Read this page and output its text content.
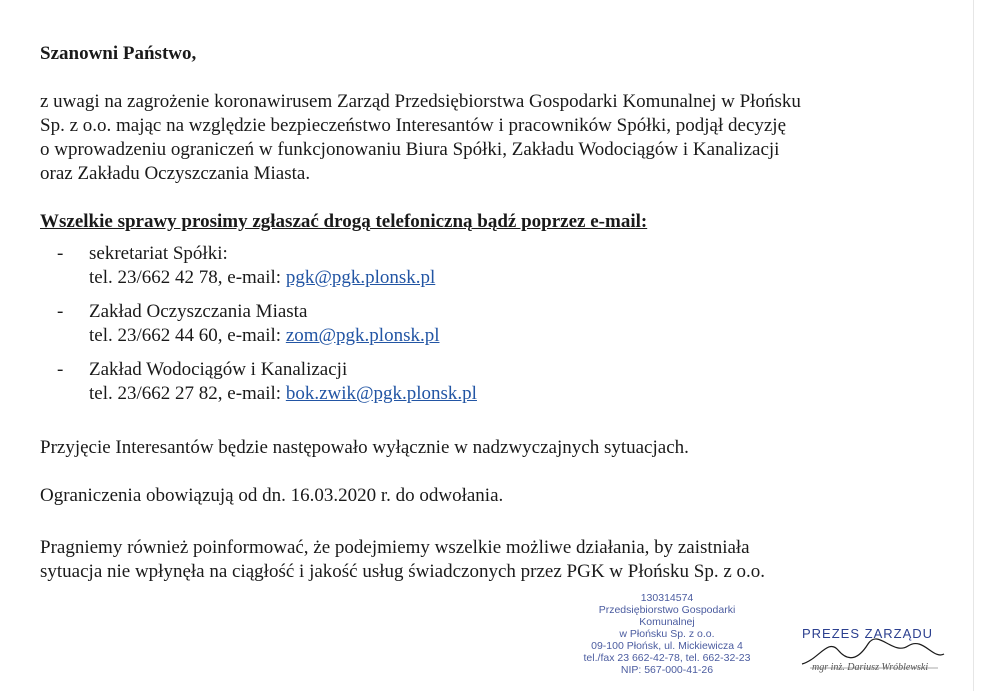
Szanowni Państwo,

z uwagi na zagrożenie koronawirusem Zarząd Przedsiębiorstwa Gospodarki Komunalnej w Płońsku
Sp. z o.o. mając na względzie bezpieczeństwo Interesantów i pracowników Spółki, podjął decyzję
o wprowadzeniu ograniczeń w funkcjonowaniu Biura Spółki, Zakładu Wodociągów i Kanalizacji
oraz Zakładu Oczyszczania Miasta.

Wszelkie sprawy prosimy zgłaszać drogą telefoniczną bądź poprzez e-mail:

- sekretariat Spółki:
tel. 23/662 42 78, e-mail: pgk@pgk.plonsk.pl
- Zakład Oczyszczania Miasta
tel. 23/662 44 60, e-mail: zom@pgk.plonsk.pl
- Zakład Wodociągów i Kanalizacji
tel. 23/662 27 82, e-mail: bok.zwik@pgk.plonsk.pl

Przyjęcie Interesantów będzie następowało wyłącznie w nadzwyczajnych sytuacjach.

Ograniczenia obowiązują od dn. 16.03.2020 r. do odwołania.

Pragniemy również poinformować, że podejmiemy wszelkie możliwe działania, by zaistniała
sytuacja nie wpłynęła na ciągłość i jakość usług świadczonych przez PGK w Płońsku Sp. z o.o.
130314574
Przedsiębiorstwo Gospodarki Komunalnej
w Płońsku Sp. z o.o.
09-100 Płońsk, ul. Mickiewicza 4
tel./fax 23 662-42-78, tel. 662-32-23
NIP: 567-000-41-26
PREZES ZARZĄDU
mgr inż. Dariusz Wróblewski
